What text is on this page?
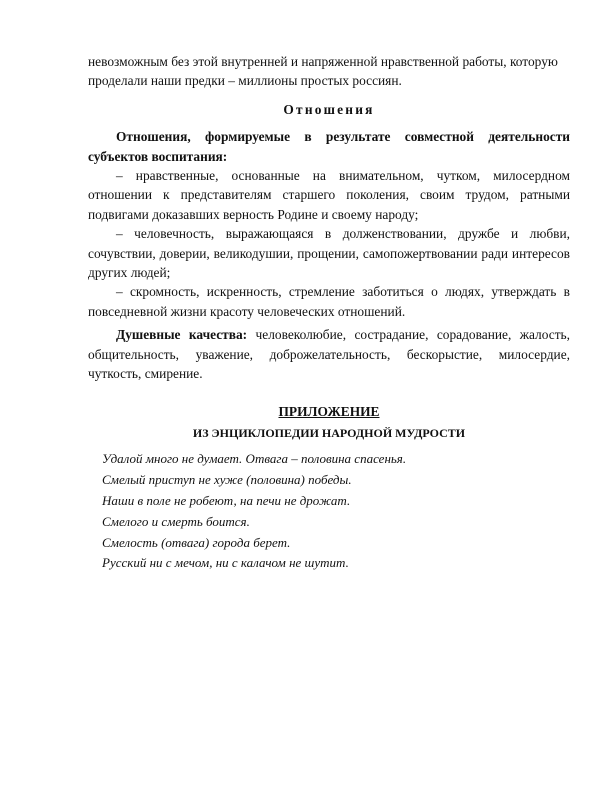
невозможным без этой внутренней и напряженной нравственной работы, которую
проделали наши предки – миллионы простых россиян.

Отношения

Отношения, формируемые в результате совместной деятельности субъектов воспитания:

– нравственные, основанные на внимательном, чутком, милосердном отношении к представителям старшего поколения, своим трудом, ратными подвигами доказавших верность Родине и своему народу;

– человечность, выражающаяся в долженствовании, дружбе и любви, сочувствии, доверии, великодушии, прощении, самопожертвовании ради интересов других людей;

– скромность, искренность, стремление заботиться о людях, утверждать в повседневной жизни красоту человеческих отношений.

Душевные качества: человеколюбие, сострадание, сорадование, жалость, общительность, уважение, доброжелательность, бескорыстие, милосердие, чуткость, смирение.

ПРИЛОЖЕНИЕ
ИЗ ЭНЦИКЛОПЕДИИ НАРОДНОЙ МУДРОСТИ
Удалой много не думает. Отвага – половина спасенья.
Смелый приступ не хуже (половина) победы.
Наши в поле не робеют, на печи не дрожат.
Смелого и смерть боится.
Смелость (отвага) города берет.
Русский ни с мечом, ни с калачом не шутит.
